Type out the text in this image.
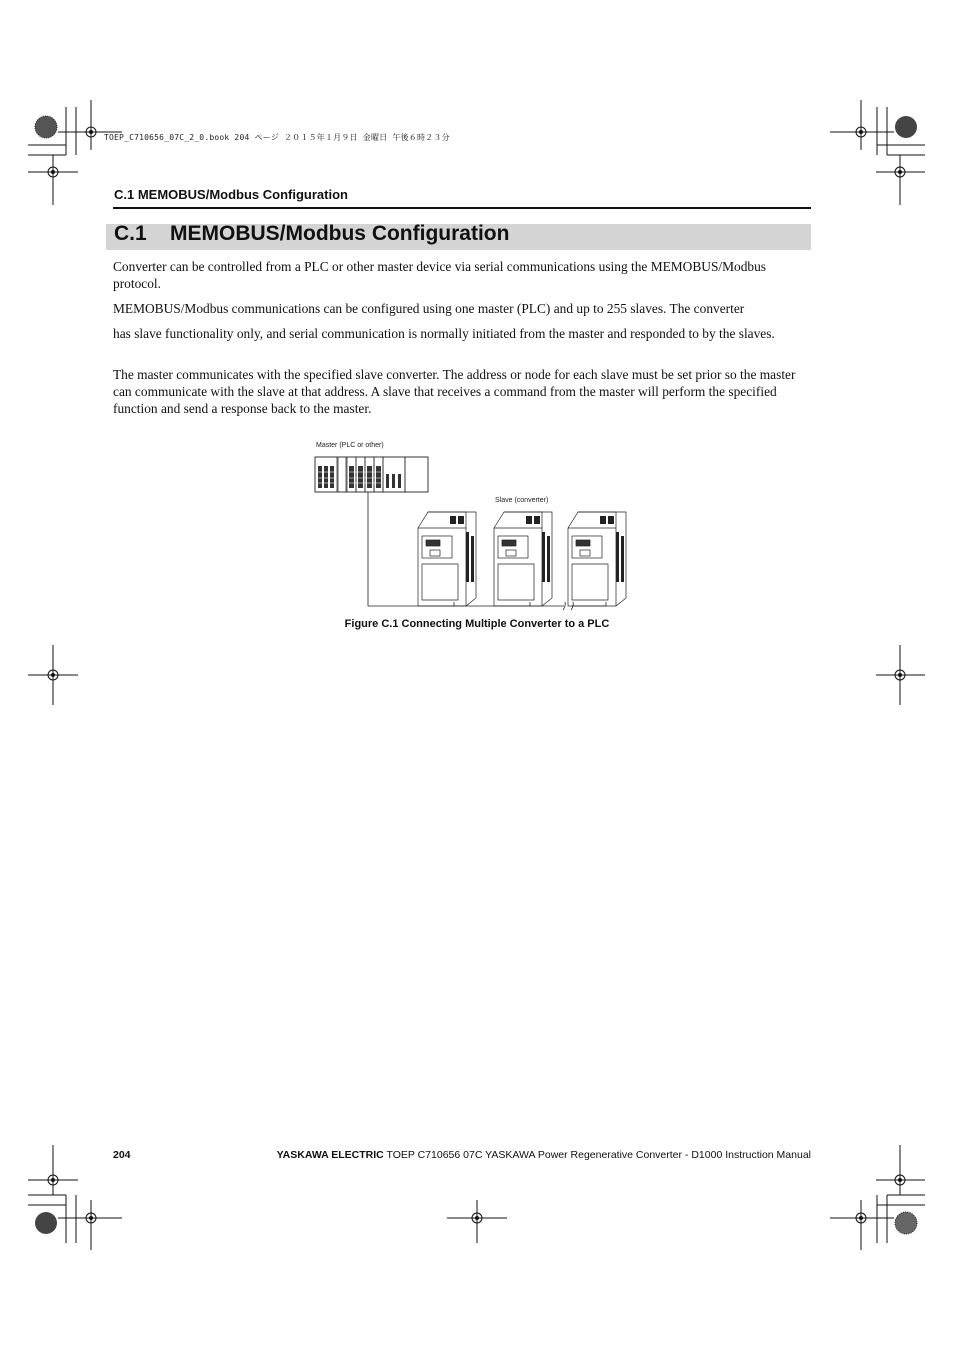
TOEP_C710656_07C_2_0.book 204 ページ ２０１５年１月９日 金曜日 午後６時２３分
C.1 MEMOBUS/Modbus Configuration
C.1 MEMOBUS/Modbus Configuration

Converter can be controlled from a PLC or other master device via serial communications using the MEMOBUS/Modbus protocol.

MEMOBUS/Modbus communications can be configured using one master (PLC) and up to 255 slaves. The converter

has slave functionality only, and serial communication is normally initiated from the master and responded to by the slaves.

The master communicates with the specified slave converter. The address or node for each slave must be set prior so the master can communicate with the slave at that address. A slave that receives a command from the master will perform the specified function and send a response back to the master.

Master (PLC or other)
Slave (converter)
Figure C.1 Connecting Multiple Converter to a PLC
204	YASKAWA ELECTRIC TOEP C710656 07C YASKAWA Power Regenerative Converter - D1000 Instruction Manual
